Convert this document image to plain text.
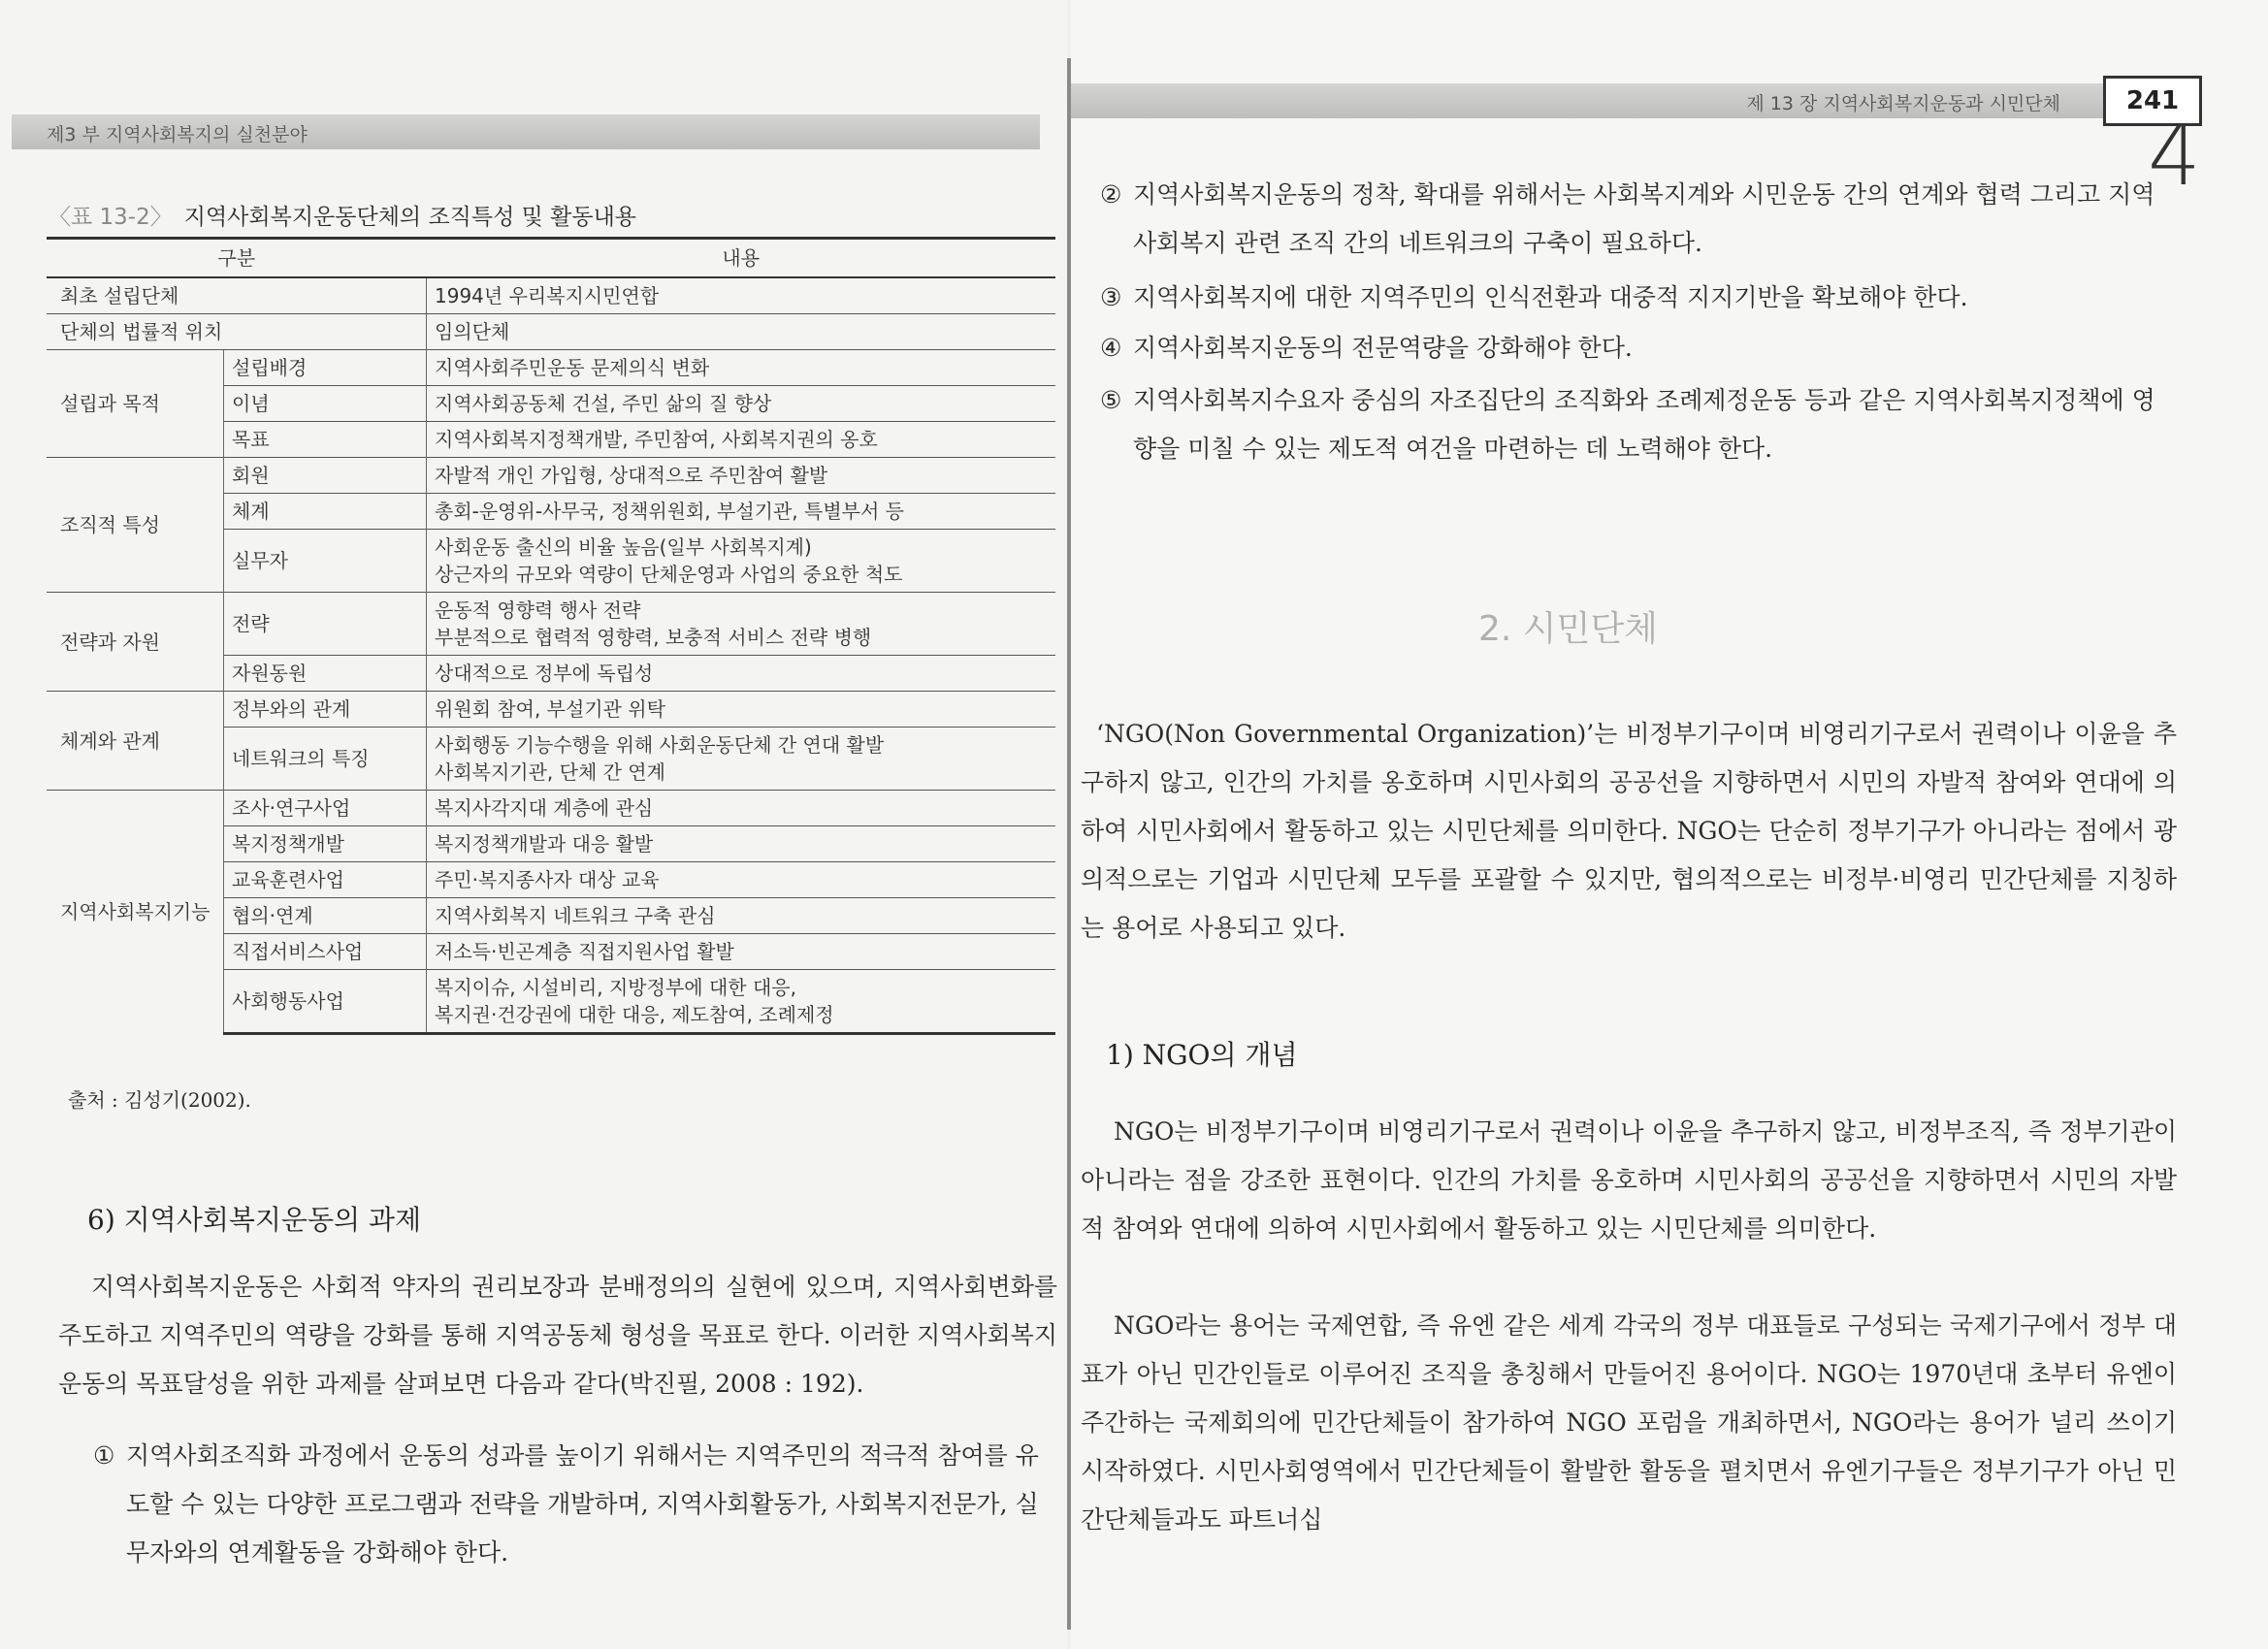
제3 부 지역사회복지의 실천분야
〈표 13-2〉 지역사회복지운동단체의 조직특성 및 활동내용
구분		내용
최초 설립단체		1994년 우리복지시민연합
단체의 법률적 위치		임의단체
설립과 목적	설립배경	지역사회주민운동 문제의식 변화
	이념	지역사회공동체 건설, 주민 삶의 질 향상
	목표	지역사회복지정책개발, 주민참여, 사회복지권의 옹호
조직적 특성	회원	자발적 개인 가입형, 상대적으로 주민참여 활발
	체계	총회-운영위-사무국, 정책위원회, 부설기관, 특별부서 등
	실무자	사회운동 출신의 비율 높음(일부 사회복지계)
상근자의 규모와 역량이 단체운영과 사업의 중요한 척도

전략과 자원	전략	운동적 영향력 행사 전략
부분적으로 협력적 영향력, 보충적 서비스 전략 병행

	자원동원	상대적으로 정부에 독립성
체계와 관계	정부와의 관계	위원회 참여, 부설기관 위탁
	네트워크의 특징	사회행동 기능수행을 위해 사회운동단체 간 연대 활발
사회복지기관, 단체 간 연계

지역사회복지기능	조사·연구사업	복지사각지대 계층에 관심
	복지정책개발	복지정책개발과 대응 활발
	교육훈련사업	주민·복지종사자 대상 교육
	협의·연계	지역사회복지 네트워크 구축 관심
	직접서비스사업	저소득·빈곤계층 직접지원사업 활발
	사회행동사업	복지이슈, 시설비리, 지방정부에 대한 대응,
복지권·건강권에 대한 대응, 제도참여, 조례제정
출처 : 김성기(2002).
6) 지역사회복지운동의 과제
지역사회복지운동은 사회적 약자의 권리보장과 분배정의의 실현에 있으며, 지역사회변화를 주도하고 지역주민의 역량을 강화를 통해 지역공동체 형성을 목표로 한다. 이러한 지역사회복지운동의 목표달성을 위한 과제를 살펴보면 다음과 같다(박진필, 2008 : 192).
① 지역사회조직화 과정에서 운동의 성과를 높이기 위해서는 지역주민의 적극적 참여를 유도할 수 있는 다양한 프로그램과 전략을 개발하며, 지역사회활동가, 사회복지전문가, 실무자와의 연계활동을 강화해야 한다.
제 13 장 지역사회복지운동과 시민단체	241
4
② 지역사회복지운동의 정착, 확대를 위해서는 사회복지계와 시민운동 간의 연계와 협력 그리고 지역사회복지 관련 조직 간의 네트워크의 구축이 필요하다.
③ 지역사회복지에 대한 지역주민의 인식전환과 대중적 지지기반을 확보해야 한다.
④ 지역사회복지운동의 전문역량을 강화해야 한다.
⑤ 지역사회복지수요자 중심의 자조집단의 조직화와 조례제정운동 등과 같은 지역사회복지정책에 영향을 미칠 수 있는 제도적 여건을 마련하는 데 노력해야 한다.
2. 시민단체
‘NGO(Non Governmental Organization)’는 비정부기구이며 비영리기구로서 권력이나 이윤을 추구하지 않고, 인간의 가치를 옹호하며 시민사회의 공공선을 지향하면서 시민의 자발적 참여와 연대에 의하여 시민사회에서 활동하고 있는 시민단체를 의미한다. NGO는 단순히 정부기구가 아니라는 점에서 광의적으로는 기업과 시민단체 모두를 포괄할 수 있지만, 협의적으로는 비정부·비영리 민간단체를 지칭하는 용어로 사용되고 있다.
1) NGO의 개념
NGO는 비정부기구이며 비영리기구로서 권력이나 이윤을 추구하지 않고, 비정부조직, 즉 정부기관이 아니라는 점을 강조한 표현이다. 인간의 가치를 옹호하며 시민사회의 공공선을 지향하면서 시민의 자발적 참여와 연대에 의하여 시민사회에서 활동하고 있는 시민단체를 의미한다.
NGO라는 용어는 국제연합, 즉 유엔 같은 세계 각국의 정부 대표들로 구성되는 국제기구에서 정부 대표가 아닌 민간인들로 이루어진 조직을 총칭해서 만들어진 용어이다. NGO는 1970년대 초부터 유엔이 주간하는 국제회의에 민간단체들이 참가하여 NGO 포럼을 개최하면서, NGO라는 용어가 널리 쓰이기 시작하였다. 시민사회영역에서 민간단체들이 활발한 활동을 펼치면서 유엔기구들은 정부기구가 아닌 민간단체들과도 파트너십
